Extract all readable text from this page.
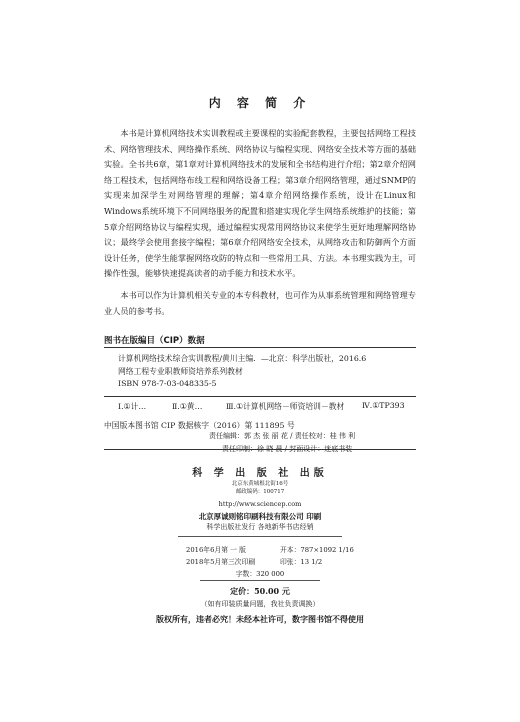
内 容 简 介

本书是计算机网络技术实训教程或主要课程的实验配套教程，主要包括网络工程技术、网络管理技术、网络操作系统、网络协议与编程实现、网络安全技术等方面的基础实验。全书共6章，第1章对计算机网络技术的发展和全书结构进行介绍；第2章介绍网络工程技术，包括网络布线工程和网络设备工程；第3章介绍网络管理，通过SNMP的实现来加深学生对网络管理的理解；第4章介绍网络操作系统，设计在Linux和Windows系统环境下不同网络服务的配置和搭建实现化学生网络系统维护的技能；第5章介绍网络协议与编程实现，通过编程实现常用网络协议来使学生更好地理解网络协议；最终学会使用套接字编程；第6章介绍网络安全技术，从网络攻击和防御两个方面设计任务，使学生能掌握网络攻防的特点和一些常用工具、方法。本书理实践为主，可操作性强，能够快速提高读者的动手能力和技术水平。

本书可以作为计算机相关专业的本专科教材，也可作为从事系统管理和网络管理专业人员的参考书。

图书在版编目（CIP）数据
计算机网络技术综合实训教程/黄川主编．—北京：科学出版社，2016.6
网络工程专业职教师资培养系列教材
ISBN 978-7-03-048335-5
Ⅰ.①计…	Ⅱ.①黄…	Ⅲ.①计算机网络－师资培训－教材 Ⅳ.①TP393
中国版本图书馆 CIP 数据核字（2016）第 111895 号
责任编辑：郭 杰 张 丽 花 / 责任校对：桂 伟 利
责任印制：徐 晓 晨 / 封面设计：迷底书装
科 学 出 版 社 出版
北京东黄城根北街16号
邮政编码：100717
http://www.sciencep.com
北京厚诚则铭印刷科技有限公司 印刷
科学出版社发行 各地新华书店经销
2016年6月第 一 版	开本：787×1092 1/16
2018年5月第三次印刷	印张：13 1/2
字数：320 000
定价：50.00 元
（如有印装质量问题，我社负责调换）
版权所有，违者必究！未经本社许可，数字图书馆不得使用
